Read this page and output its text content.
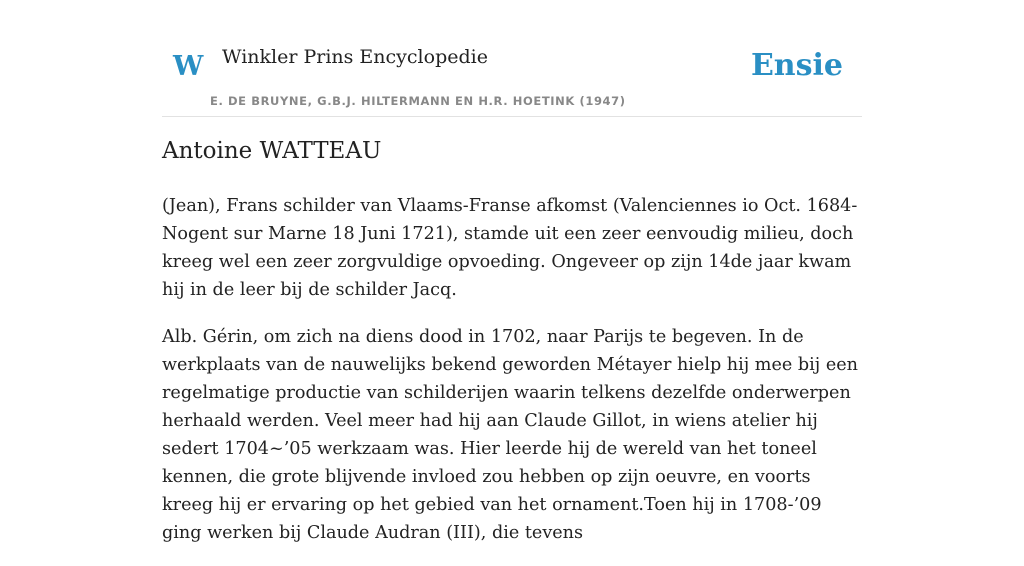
W Winkler Prins Encyclopedie
E. DE BRUYNE, G.B.J. HILTERMANN EN H.R. HOETINK (1947)
Ensie
Antoine WATTEAU

(Jean), Frans schilder van Vlaams-Franse afkomst (Valenciennes io Oct. 1684-Nogent sur Marne 18 Juni 1721), stamde uit een zeer eenvoudig milieu, doch kreeg wel een zeer zorgvuldige opvoeding. Ongeveer op zijn 14de jaar kwam hij in de leer bij de schilder Jacq.

Alb. Gérin, om zich na diens dood in 1702, naar Parijs te begeven. In de werkplaats van de nauwelijks bekend geworden Métayer hielp hij mee bij een regelmatige productie van schilderijen waarin telkens dezelfde onderwerpen herhaald werden. Veel meer had hij aan Claude Gillot, in wiens atelier hij sedert 1704~’05 werkzaam was. Hier leerde hij de wereld van het toneel kennen, die grote blijvende invloed zou hebben op zijn oeuvre, en voorts kreeg hij er ervaring op het gebied van het ornament.Toen hij in 1708-’09 ging werken bij Claude Audran (III), die tevens
